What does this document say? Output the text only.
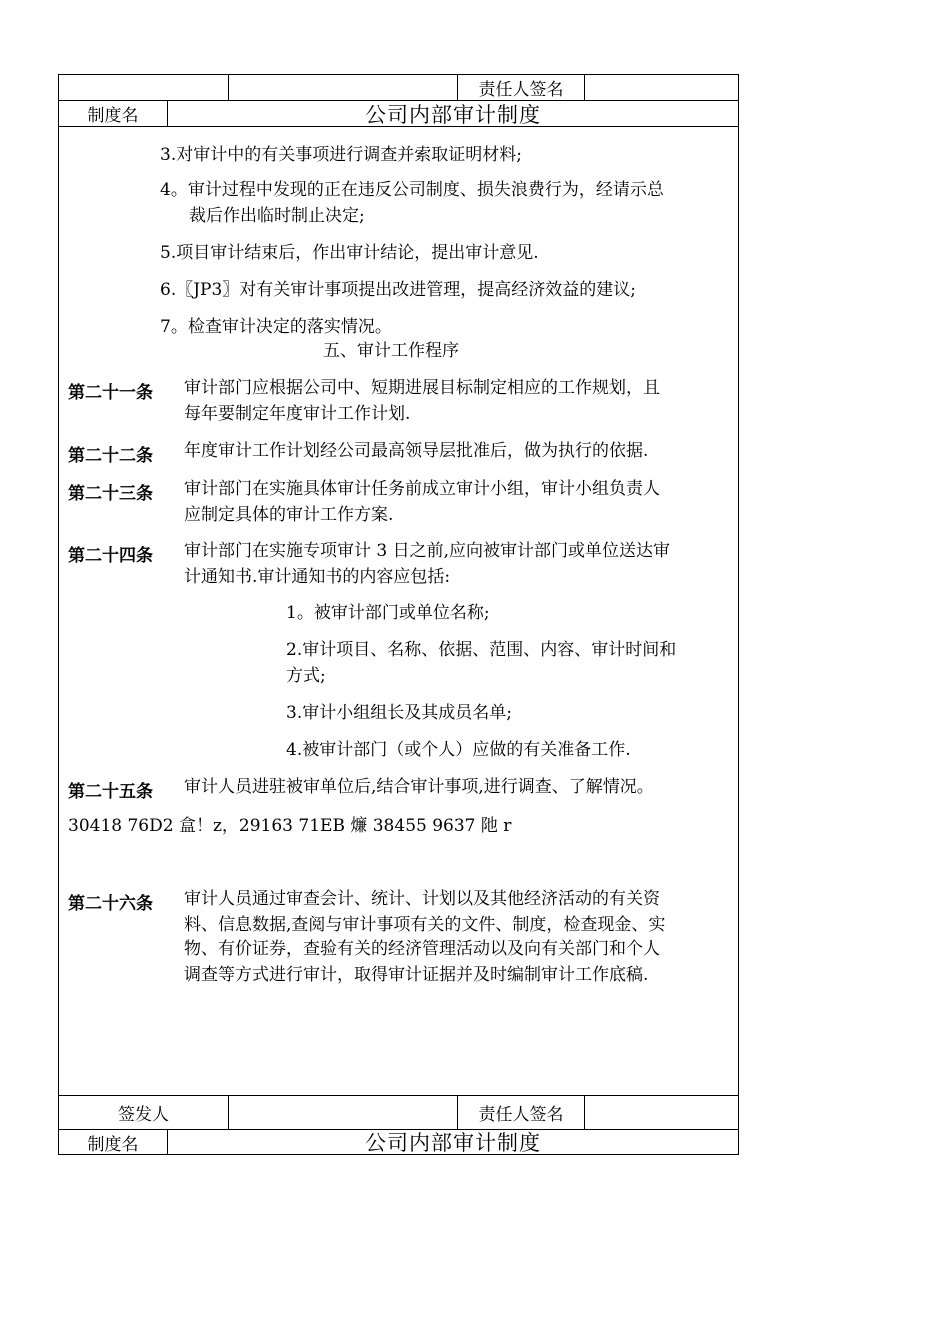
责任人签名
制度名	公司内部审计制度
3.对审计中的有关事项进行调查并索取证明材料;
4。审计过程中发现的正在违反公司制度、损失浪费行为，经请示总
裁后作出临时制止决定;
5.项目审计结束后，作出审计结论，提出审计意见.
6.〖JP3〗对有关审计事项提出改进管理，提高经济效益的建议;
7。检查审计决定的落实情况。
五、审计工作程序
第二十一条 审计部门应根据公司中、短期进展目标制定相应的工作规划，且
每年要制定年度审计工作计划.
第二十二条 年度审计工作计划经公司最高领导层批准后，做为执行的依据.
第二十三条 审计部门在实施具体审计任务前成立审计小组，审计小组负责人
应制定具体的审计工作方案.
第二十四条 审计部门在实施专项审计 3 日之前,应向被审计部门或单位送达审
计通知书.审计通知书的内容应包括:
1。被审计部门或单位名称;
2.审计项目、名称、依据、范围、内容、审计时间和
方式;
3.审计小组组长及其成员名单;
4.被审计部门（或个人）应做的有关准备工作.
第二十五条 审计人员进驻被审单位后,结合审计事项,进行调查、了解情况。
30418 76D2 盒！z，29163 71EB 燫 38455 9637 阤 r
第二十六条 审计人员通过审查会计、统计、计划以及其他经济活动的有关资
料、信息数据,查阅与审计事项有关的文件、制度，检查现金、实
物、有价证券，查验有关的经济管理活动以及向有关部门和个人
调查等方式进行审计，取得审计证据并及时编制审计工作底稿.
签发人	责任人签名
制度名	公司内部审计制度
